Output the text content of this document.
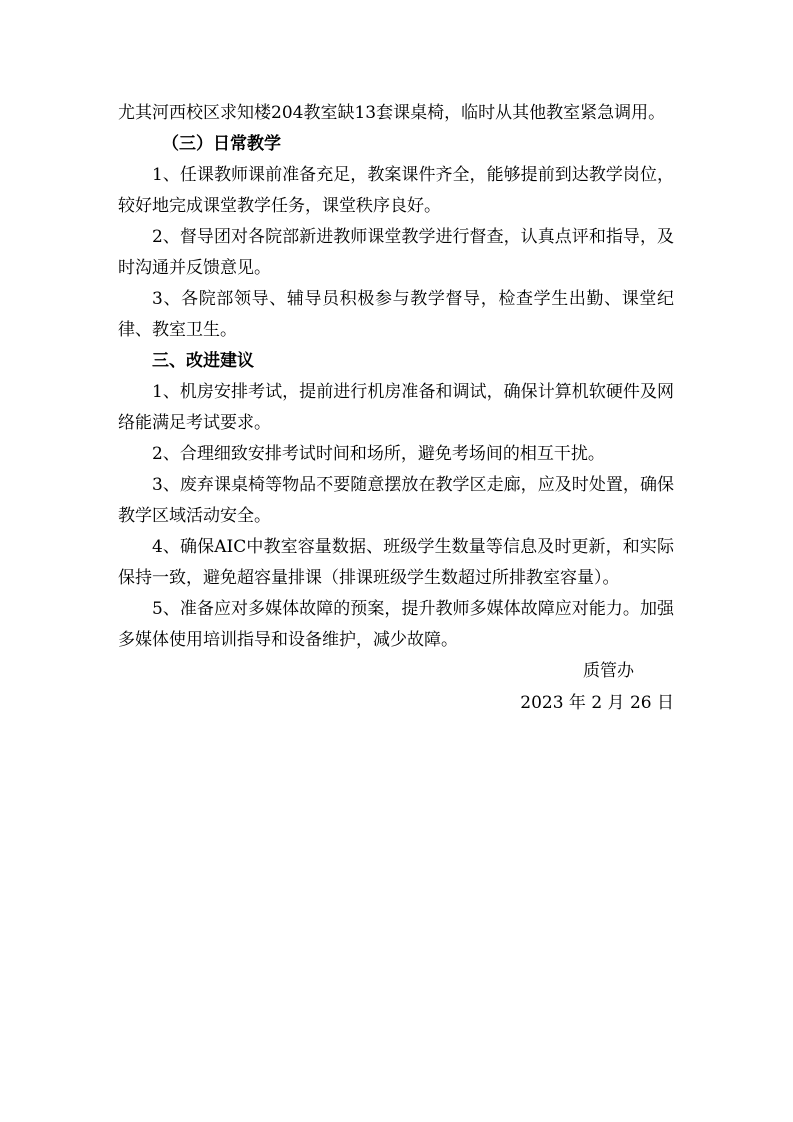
尤其河西校区求知楼204教室缺13套课桌椅，临时从其他教室紧急调用。

（三）日常教学

1、任课教师课前准备充足，教案课件齐全，能够提前到达教学岗位，较好地完成课堂教学任务，课堂秩序良好。

2、督导团对各院部新进教师课堂教学进行督查，认真点评和指导，及时沟通并反馈意见。

3、各院部领导、辅导员积极参与教学督导，检查学生出勤、课堂纪律、教室卫生。

三、改进建议

1、机房安排考试，提前进行机房准备和调试，确保计算机软硬件及网络能满足考试要求。

2、合理细致安排考试时间和场所，避免考场间的相互干扰。

3、废弃课桌椅等物品不要随意摆放在教学区走廊，应及时处置，确保教学区域活动安全。

4、确保AIC中教室容量数据、班级学生数量等信息及时更新，和实际保持一致，避免超容量排课（排课班级学生数超过所排教室容量）。

5、准备应对多媒体故障的预案，提升教师多媒体故障应对能力。加强多媒体使用培训指导和设备维护，减少故障。

质管办

2023 年 2 月 26 日
